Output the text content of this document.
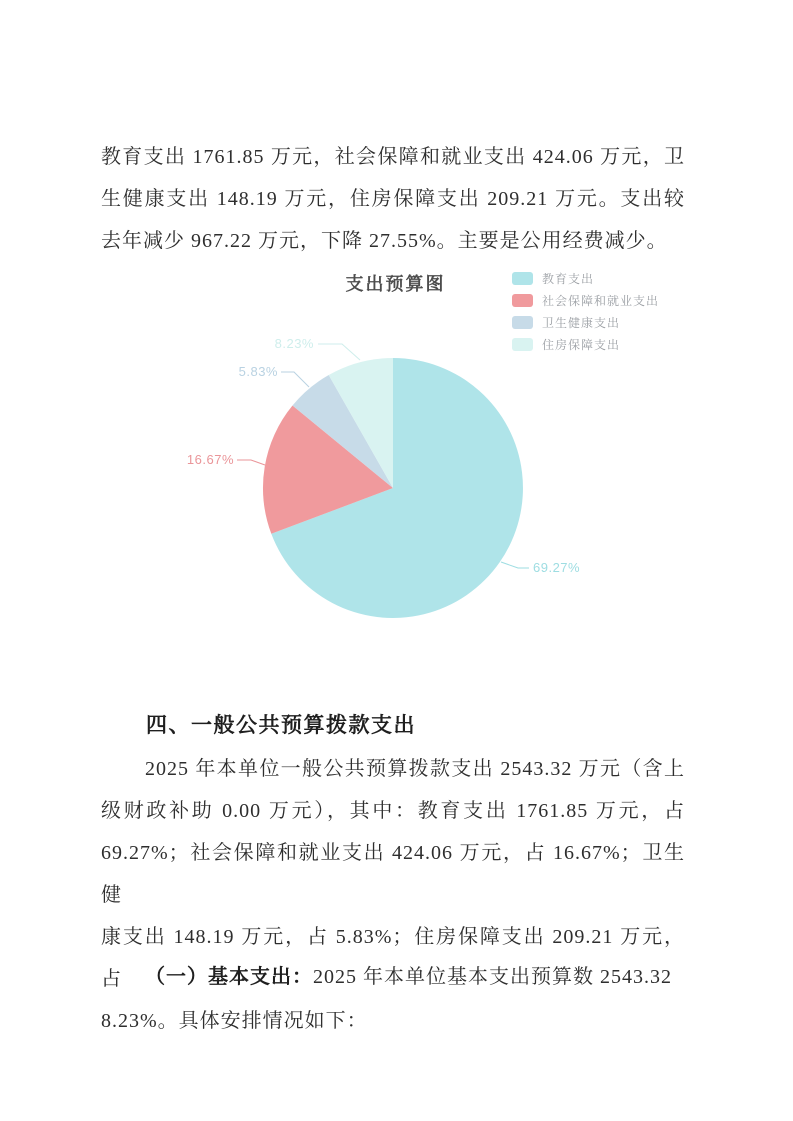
教育支出 1761.85 万元，社会保障和就业支出 424.06 万元，卫
生健康支出 148.19 万元，住房保障支出 209.21 万元。支出较
去年减少 967.22 万元，下降 27.55%。主要是公用经费减少。
支出预算图	教育支出
社会保障和就业支出
卫生健康支出
住房保障支出
69.27%
16.67%
5.83%
8.23%
四、一般公共预算拨款支出
2025 年本单位一般公共预算拨款支出 2543.32 万元（含上
级财政补助 0.00 万元），其中：教育支出 1761.85 万元，占
69.27%；社会保障和就业支出 424.06 万元，占 16.67%；卫生健
康支出 148.19 万元，占 5.83%；住房保障支出 209.21 万元，占
8.23%。具体安排情况如下：
（一）基本支出：2025 年本单位基本支出预算数 2543.32
